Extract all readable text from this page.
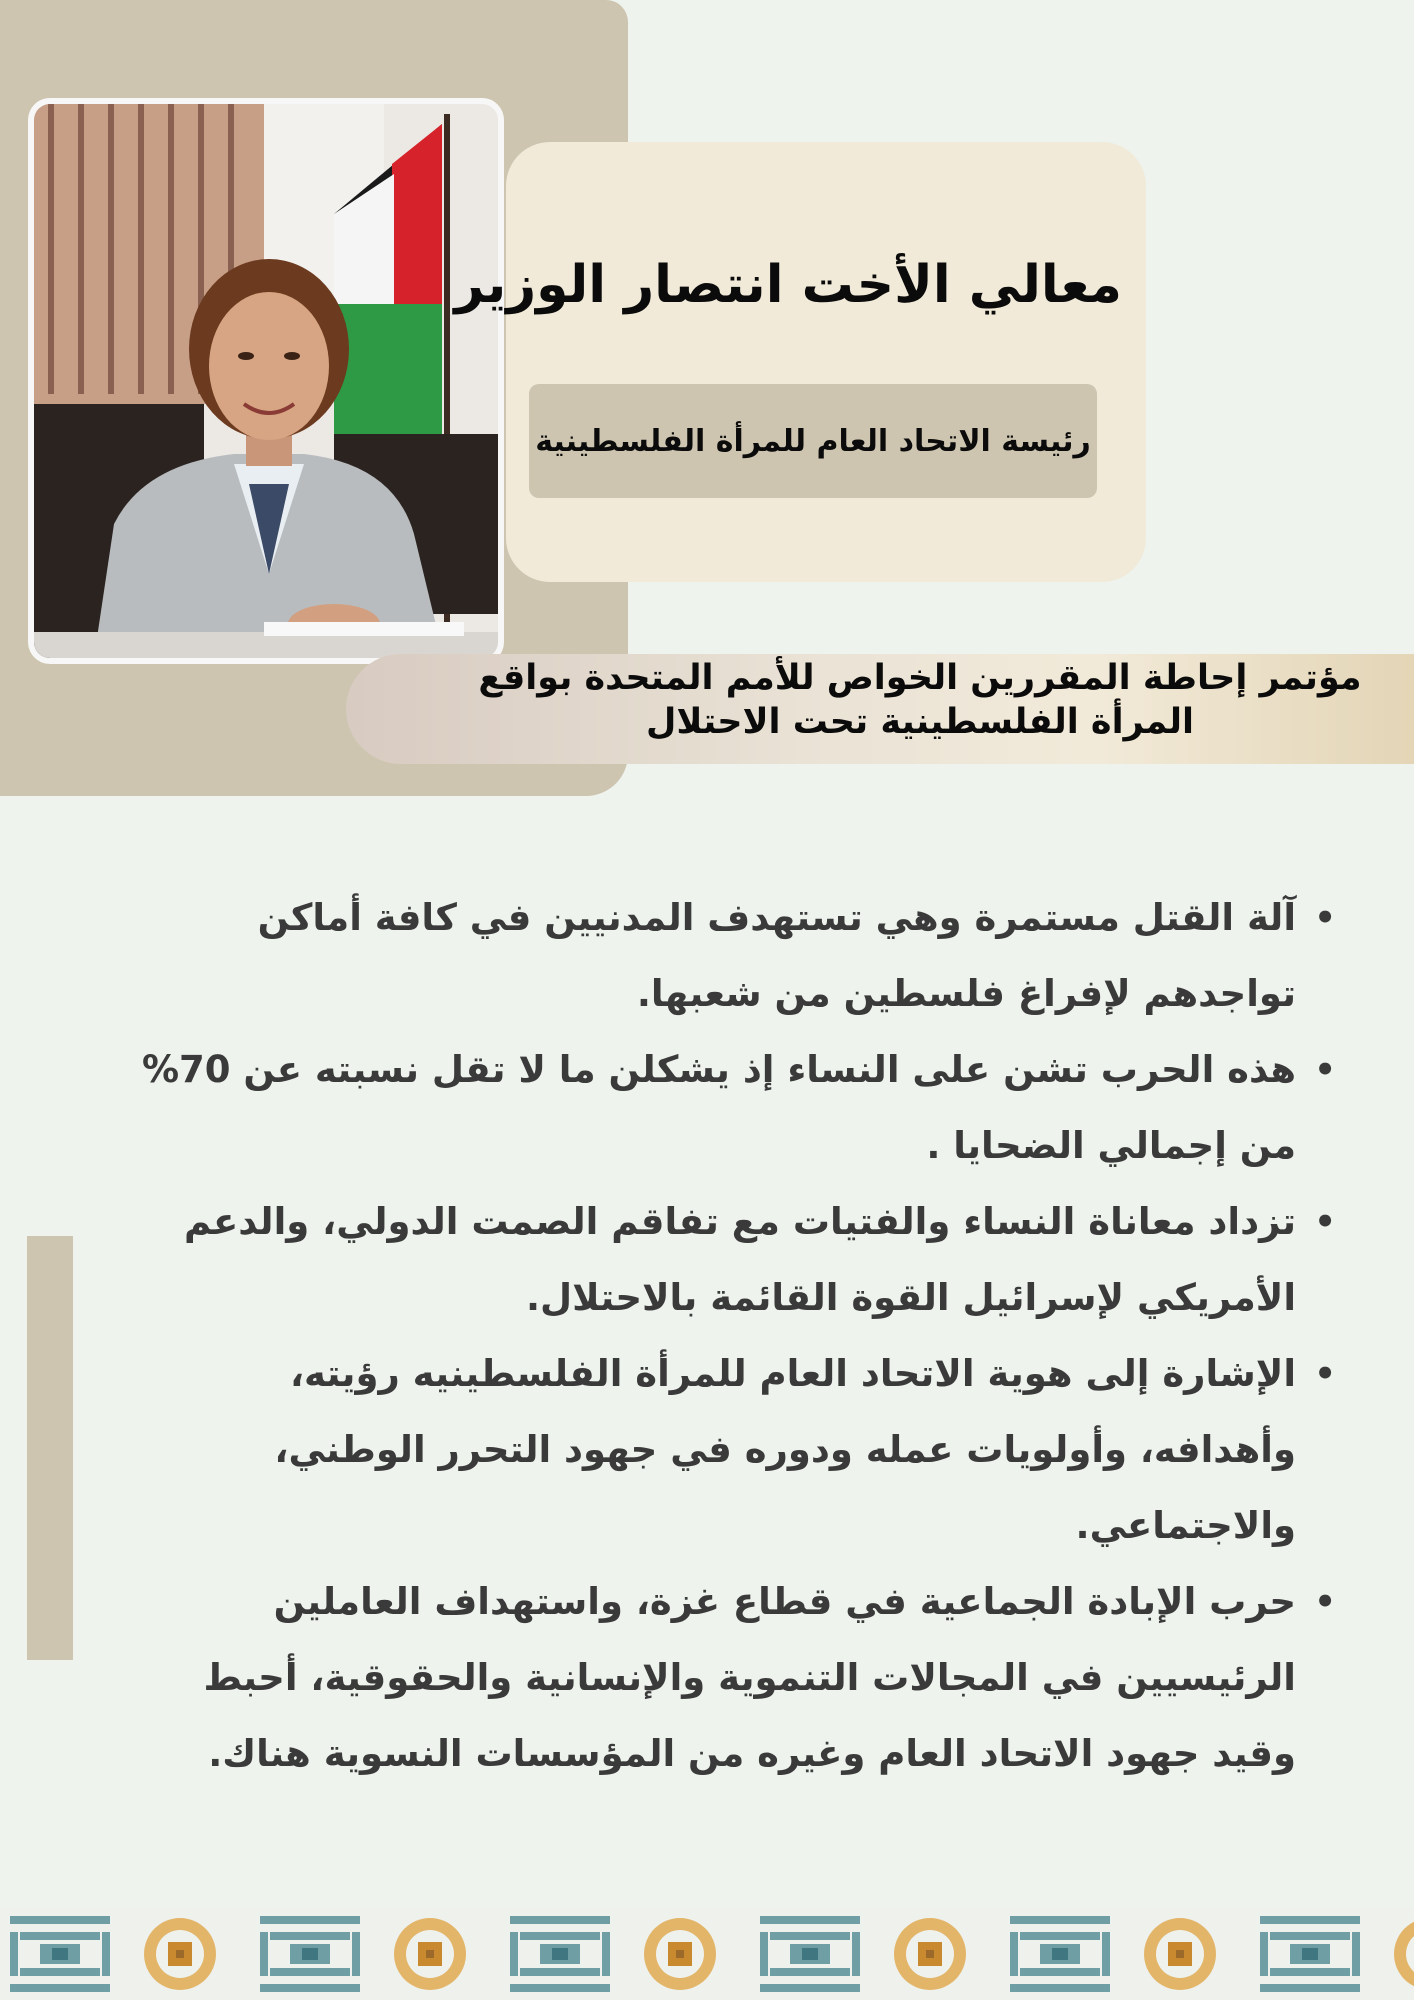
معالي الأخت انتصار الوزير
رئيسة الاتحاد العام للمرأة الفلسطينية
مؤتمر إحاطة المقررين الخواص للأمم المتحدة بواقع
المرأة الفلسطينية تحت الاحتلال
•
آلة القتل مستمرة وهي تستهدف المدنيين في كافة أماكن تواجدهم لإفراغ فلسطين من شعبها.
•
هذه الحرب تشن على النساء إذ يشكلن ما لا تقل نسبته عن 70% من إجمالي الضحايا .
•
تزداد معاناة النساء والفتيات مع تفاقم الصمت الدولي، والدعم الأمريكي لإسرائيل القوة القائمة بالاحتلال.
•
الإشارة إلى هوية الاتحاد العام للمرأة الفلسطينيه رؤيته، وأهدافه، وأولويات عمله ودوره في جهود التحرر الوطني، والاجتماعي.
•
حرب الإبادة الجماعية في قطاع غزة، واستهداف العاملين الرئيسيين في المجالات التنموية والإنسانية والحقوقية، أحبط وقيد جهود الاتحاد العام وغيره من المؤسسات النسوية هناك.
